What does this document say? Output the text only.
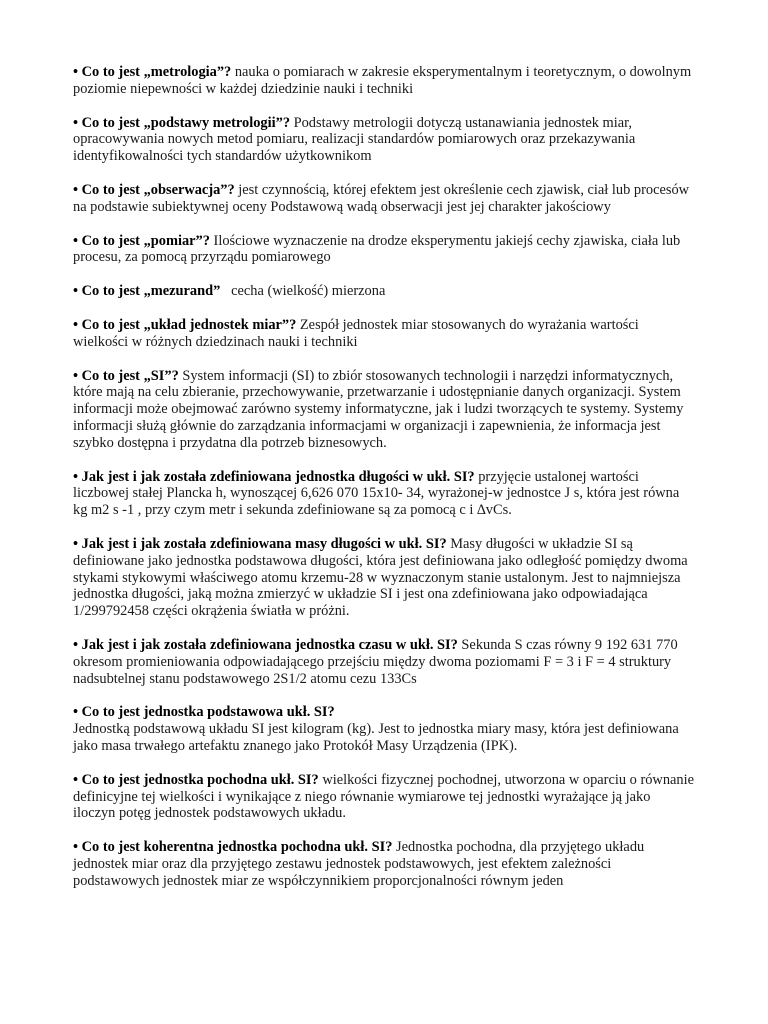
• Co to jest „metrologia”? nauka o pomiarach w zakresie eksperymentalnym i teoretycznym, o dowolnym poziomie niepewności w każdej dziedzinie nauki i techniki

• Co to jest „podstawy metrologii”? Podstawy metrologii dotyczą ustanawiania jednostek miar, opracowywania nowych metod pomiaru, realizacji standardów pomiarowych oraz przekazywania identyfikowalności tych standardów użytkownikom

• Co to jest „obserwacja”? jest czynnością, której efektem jest określenie cech zjawisk, ciał lub procesów na podstawie subiektywnej oceny Podstawową wadą obserwacji jest jej charakter jakościowy

• Co to jest „pomiar”? Ilościowe wyznaczenie na drodze eksperymentu jakiejś cechy zjawiska, ciała lub procesu, za pomocą przyrządu pomiarowego

• Co to jest „mezurand”   cecha (wielkość) mierzona

• Co to jest „układ jednostek miar”? Zespół jednostek miar stosowanych do wyrażania wartości wielkości w różnych dziedzinach nauki i techniki

• Co to jest „SI”? System informacji (SI) to zbiór stosowanych technologii i narzędzi informatycznych, które mają na celu zbieranie, przechowywanie, przetwarzanie i udostępnianie danych organizacji. System informacji może obejmować zarówno systemy informatyczne, jak i ludzi tworzących te systemy. Systemy informacji służą głównie do zarządzania informacjami w organizacji i zapewnienia, że informacja jest szybko dostępna i przydatna dla potrzeb biznesowych.

• Jak jest i jak została zdefiniowana jednostka długości w ukł. SI? przyjęcie ustalonej wartości liczbowej stałej Plancka h, wynoszącej 6,626 070 15x10- 34, wyrażonej-w jednostce J s, która jest równa kg m2 s -1 , przy czym metr i sekunda zdefiniowane są za pomocą c i ∆vCs.

• Jak jest i jak została zdefiniowana masy długości w ukł. SI? Masy długości w układzie SI są definiowane jako jednostka podstawowa długości, która jest definiowana jako odległość pomiędzy dwoma stykami stykowymi właściwego atomu krzemu-28 w wyznaczonym stanie ustalonym. Jest to najmniejsza jednostka długości, jaką można zmierzyć w układzie SI i jest ona zdefiniowana jako odpowiadająca 1/299792458 części okrążenia światła w próżni.

• Jak jest i jak została zdefiniowana jednostka czasu w ukł. SI? Sekunda S czas równy 9 192 631 770 okresom promieniowania odpowiadającego przejściu między dwoma poziomami F = 3 i F = 4 struktury nadsubtelnej stanu podstawowego 2S1/2 atomu cezu 133Cs

• Co to jest jednostka podstawowa ukł. SI?
Jednostką podstawową układu SI jest kilogram (kg). Jest to jednostka miary masy, która jest definiowana jako masa trwałego artefaktu znanego jako Protokół Masy Urządzenia (IPK).

• Co to jest jednostka pochodna ukł. SI? wielkości fizycznej pochodnej, utworzona w oparciu o równanie definicyjne tej wielkości i wynikające z niego równanie wymiarowe tej jednostki wyrażające ją jako iloczyn potęg jednostek podstawowych układu.

• Co to jest koherentna jednostka pochodna ukł. SI? Jednostka pochodna, dla przyjętego układu jednostek miar oraz dla przyjętego zestawu jednostek podstawowych, jest efektem zależności podstawowych jednostek miar ze współczynnikiem proporcjonalności równym jeden
